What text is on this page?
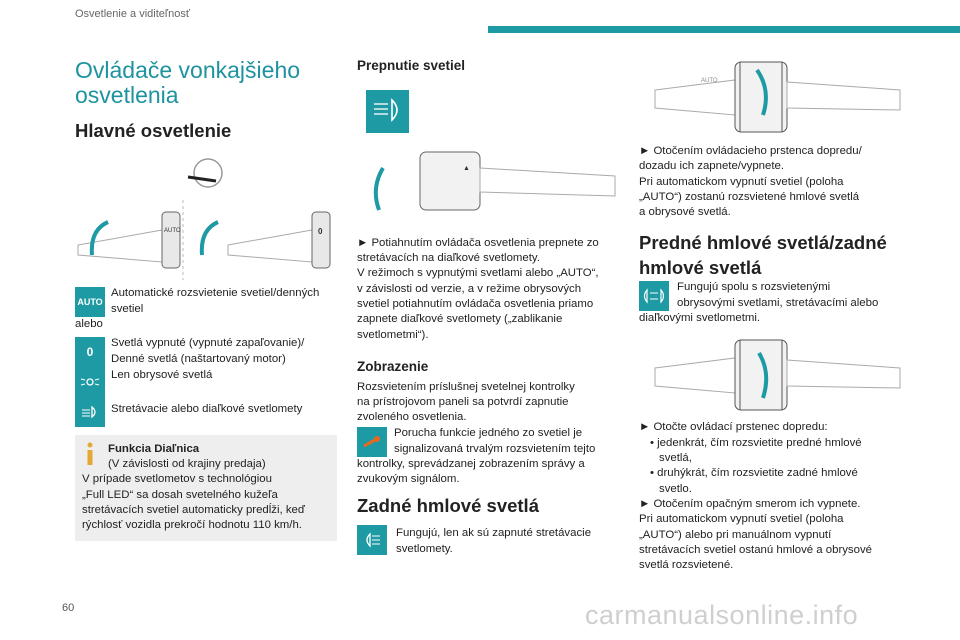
Osvetlenie a viditeľnosť
Ovládače vonkajšieho
osvetlenia
Hlavné osvetlenie
AUTO	0
AUTO
Automatické rozsvietenie svetiel/denných
svetiel
alebo
0
Svetlá vypnuté (vypnuté zapaľovanie)/
Denné svetlá (naštartovaný motor)
Len obrysové svetlá
Stretávacie alebo diaľkové svetlomety
Funkcia Diaľnica
(V závislosti od krajiny predaja)
V prípade svetlometov s technológiou
„Full LED“ sa dosah svetelného kužeľa
stretávacích svetiel automaticky predĺži, keď
rýchlosť vozidla prekročí hodnotu 110 km/h.
Prepnutie svetiel
▲
► Potiahnutím ovládača osvetlenia prepnete zo
stretávacích na diaľkové svetlomety.
V režimoch s vypnutými svetlami alebo „AUTO“,
v závislosti od verzie, a v režime obrysových
svetiel potiahnutím ovládača osvetlenia priamo
zapnete diaľkové svetlomety („zablikanie
svetlometmi“).
Zobrazenie
Rozsvietením príslušnej svetelnej kontrolky
na prístrojovom paneli sa potvrdí zapnutie
zvoleného osvetlenia.
Porucha funkcie jedného zo svetiel je
signalizovaná trvalým rozsvietením tejto
kontrolky, sprevádzanej zobrazením správy a
zvukovým signálom.
Zadné hmlové svetlá
Fungujú, len ak sú zapnuté stretávacie
svetlomety.
AUTO
► Otočením ovládacieho prstenca dopredu/
dozadu ich zapnete/vypnete.
Pri automatickom vypnutí svetiel (poloha
„AUTO“) zostanú rozsvietené hmlové svetlá
a obrysové svetlá.
Predné hmlové svetlá/zadné
hmlové svetlá
Fungujú spolu s rozsvietenými
obrysovými svetlami, stretávacími alebo
diaľkovými svetlometmi.
► Otočte ovládací prstenec dopredu:
• jedenkrát, čím rozsvietite predné hmlové
svetlá,
• druhýkrát, čím rozsvietite zadné hmlové
svetlo.
► Otočením opačným smerom ich vypnete.
Pri automatickom vypnutí svetiel (poloha
„AUTO“) alebo pri manuálnom vypnutí
stretávacích svetiel ostanú hmlové a obrysové
svetlá rozsvietené.
60	carmanualsonline.info
